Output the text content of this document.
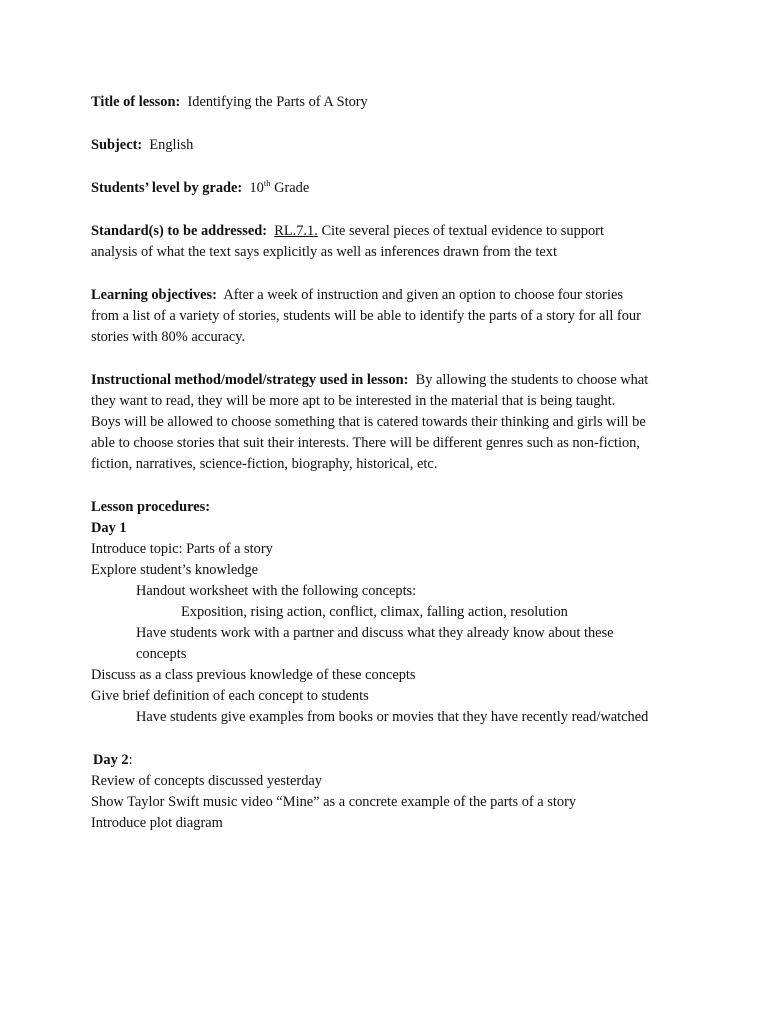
Title of lesson: Identifying the Parts of A Story
Subject: English
Students’ level by grade: 10th Grade
Standard(s) to be addressed: RL.7.1. Cite several pieces of textual evidence to support
analysis of what the text says explicitly as well as inferences drawn from the text
Learning objectives: After a week of instruction and given an option to choose four stories
from a list of a variety of stories, students will be able to identify the parts of a story for all four
stories with 80% accuracy.
Instructional method/model/strategy used in lesson: By allowing the students to choose what
they want to read, they will be more apt to be interested in the material that is being taught.
Boys will be allowed to choose something that is catered towards their thinking and girls will be
able to choose stories that suit their interests. There will be different genres such as non-fiction,
fiction, narratives, science-fiction, biography, historical, etc.
Lesson procedures:
Day 1
Introduce topic: Parts of a story
Explore student’s knowledge
Handout worksheet with the following concepts:
Exposition, rising action, conflict, climax, falling action, resolution
Have students work with a partner and discuss what they already know about these
concepts
Discuss as a class previous knowledge of these concepts
Give brief definition of each concept to students
Have students give examples from books or movies that they have recently read/watched
Day 2:
Review of concepts discussed yesterday
Show Taylor Swift music video “Mine” as a concrete example of the parts of a story
Introduce plot diagram
